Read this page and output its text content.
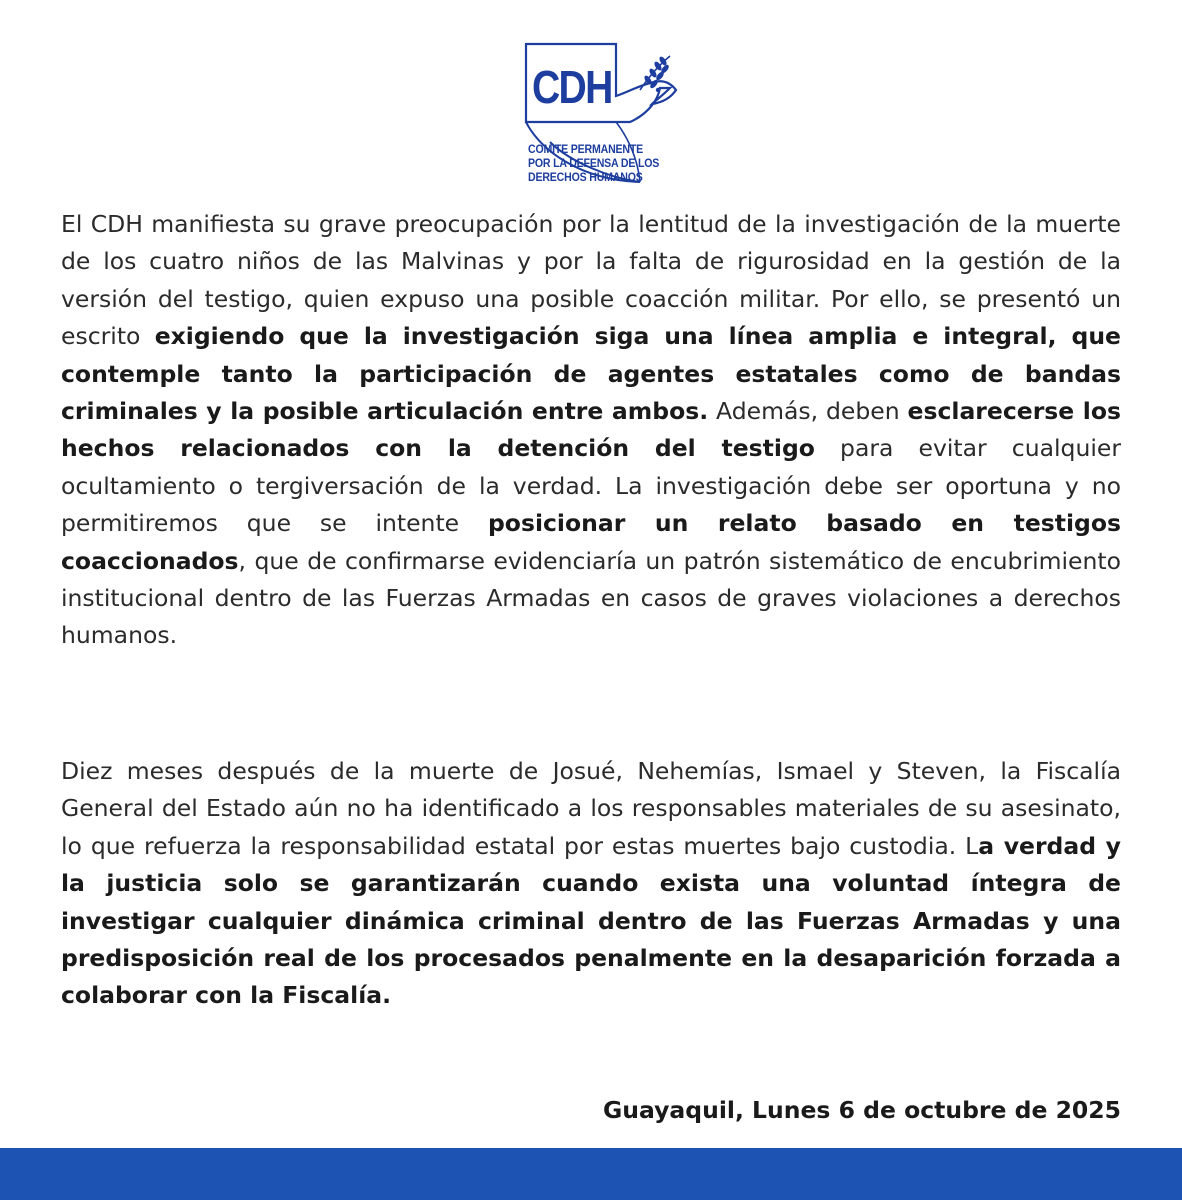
CDH
COMITE PERMANENTE
POR LA DEFENSA DE LOS
DERECHOS HUMANOS

El CDH manifiesta su grave preocupación por la lentitud de la investigación de la muerte de los cuatro niños de las Malvinas y por la falta de rigurosidad en la gestión de la versión del testigo, quien expuso una posible coacción militar. Por ello, se presentó un escrito exigiendo que la investigación siga una línea amplia e integral, que contemple tanto la participación de agentes estatales como de bandas criminales y la posible articulación entre ambos. Además, deben esclarecerse los hechos relacionados con la detención del testigo para evitar cualquier ocultamiento o tergiversación de la verdad. La investigación debe ser oportuna y no permitiremos que se intente posicionar un relato basado en testigos coaccionados, que de confirmarse evidenciaría un patrón sistemático de encubrimiento institucional dentro de las Fuerzas Armadas en casos de graves violaciones a derechos humanos.

Diez meses después de la muerte de Josué, Nehemías, Ismael y Steven, la Fiscalía General del Estado aún no ha identificado a los responsables materiales de su asesinato, lo que refuerza la responsabilidad estatal por estas muertes bajo custodia. La verdad y la justicia solo se garantizarán cuando exista una voluntad íntegra de investigar cualquier dinámica criminal dentro de las Fuerzas Armadas y una predisposición real de los procesados penalmente en la desaparición forzada a colaborar con la Fiscalía.

Guayaquil, Lunes 6 de octubre de 2025
